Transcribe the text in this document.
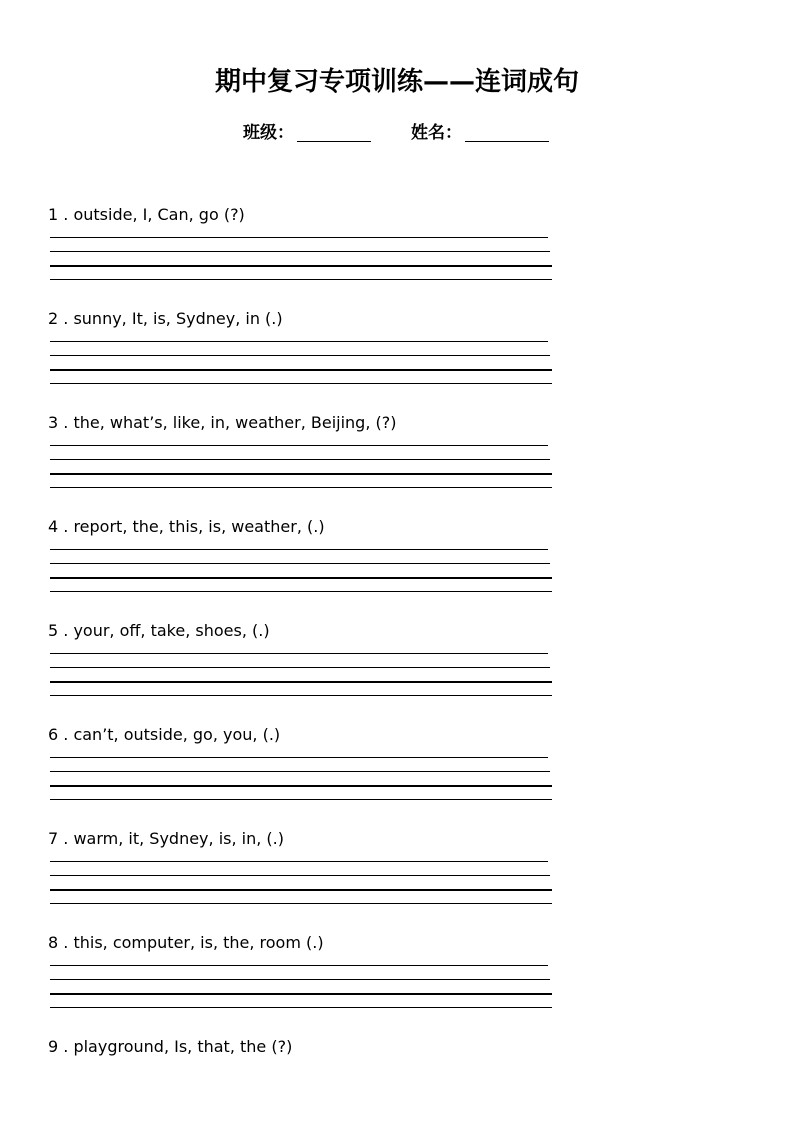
期中复习专项训练——连词成句
班级：	姓名：
1 . outside, I, Can, go (?)
2 . sunny, It, is, Sydney, in (.)
3 . the, what’s, like, in, weather, Beijing, (?)
4 . report, the, this, is, weather, (.)
5 . your, off, take, shoes, (.)
6 . can’t, outside, go, you, (.)
7 . warm, it, Sydney, is, in, (.)
8 . this, computer, is, the, room (.)
9 . playground, Is, that, the (?)
